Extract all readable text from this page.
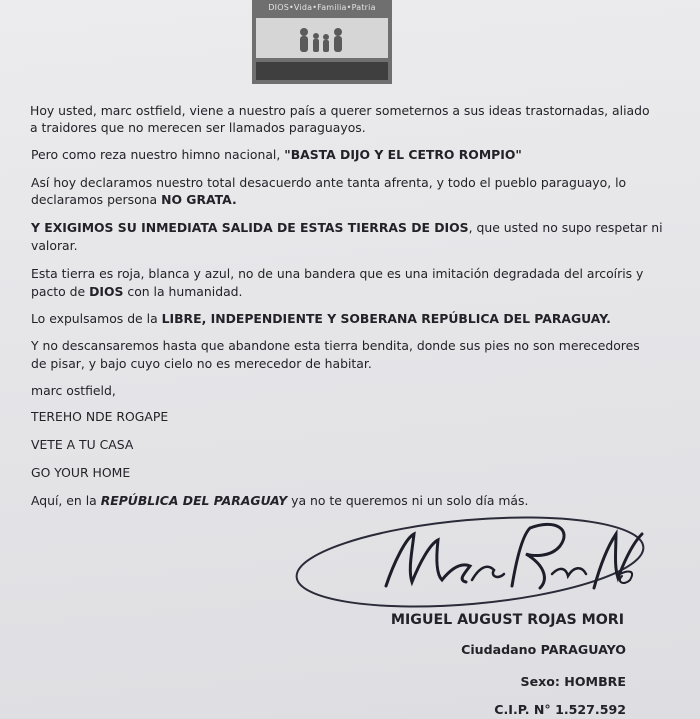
DIOS•Vida•Familia•Patria
Hoy usted, marc ostfield, viene a nuestro país a querer someternos a sus ideas trastornadas, aliado
a traidores que no merecen ser llamados paraguayos.
Pero como reza nuestro himno nacional, "BASTA DIJO Y EL CETRO ROMPIO"
Así hoy declaramos nuestro total desacuerdo ante tanta afrenta, y todo el pueblo paraguayo, lo
declaramos persona NO GRATA.
Y EXIGIMOS SU INMEDIATA SALIDA DE ESTAS TIERRAS DE DIOS, que usted no supo respetar ni
valorar.
Esta tierra es roja, blanca y azul, no de una bandera que es una imitación degradada del arcoíris y
pacto de DIOS con la humanidad.
Lo expulsamos de la LIBRE, INDEPENDIENTE Y SOBERANA REPÚBLICA DEL PARAGUAY.
Y no descansaremos hasta que abandone esta tierra bendita, donde sus pies no son merecedores
de pisar, y bajo cuyo cielo no es merecedor de habitar.
marc ostfield,
TEREHO NDE ROGAPE
VETE A TU CASA
GO YOUR HOME
Aquí, en la REPÚBLICA DEL PARAGUAY ya no te queremos ni un solo día más.
MIGUEL AUGUST ROJAS MORI
Ciudadano PARAGUAYO
Sexo: HOMBRE
C.I.P. N° 1.527.592
